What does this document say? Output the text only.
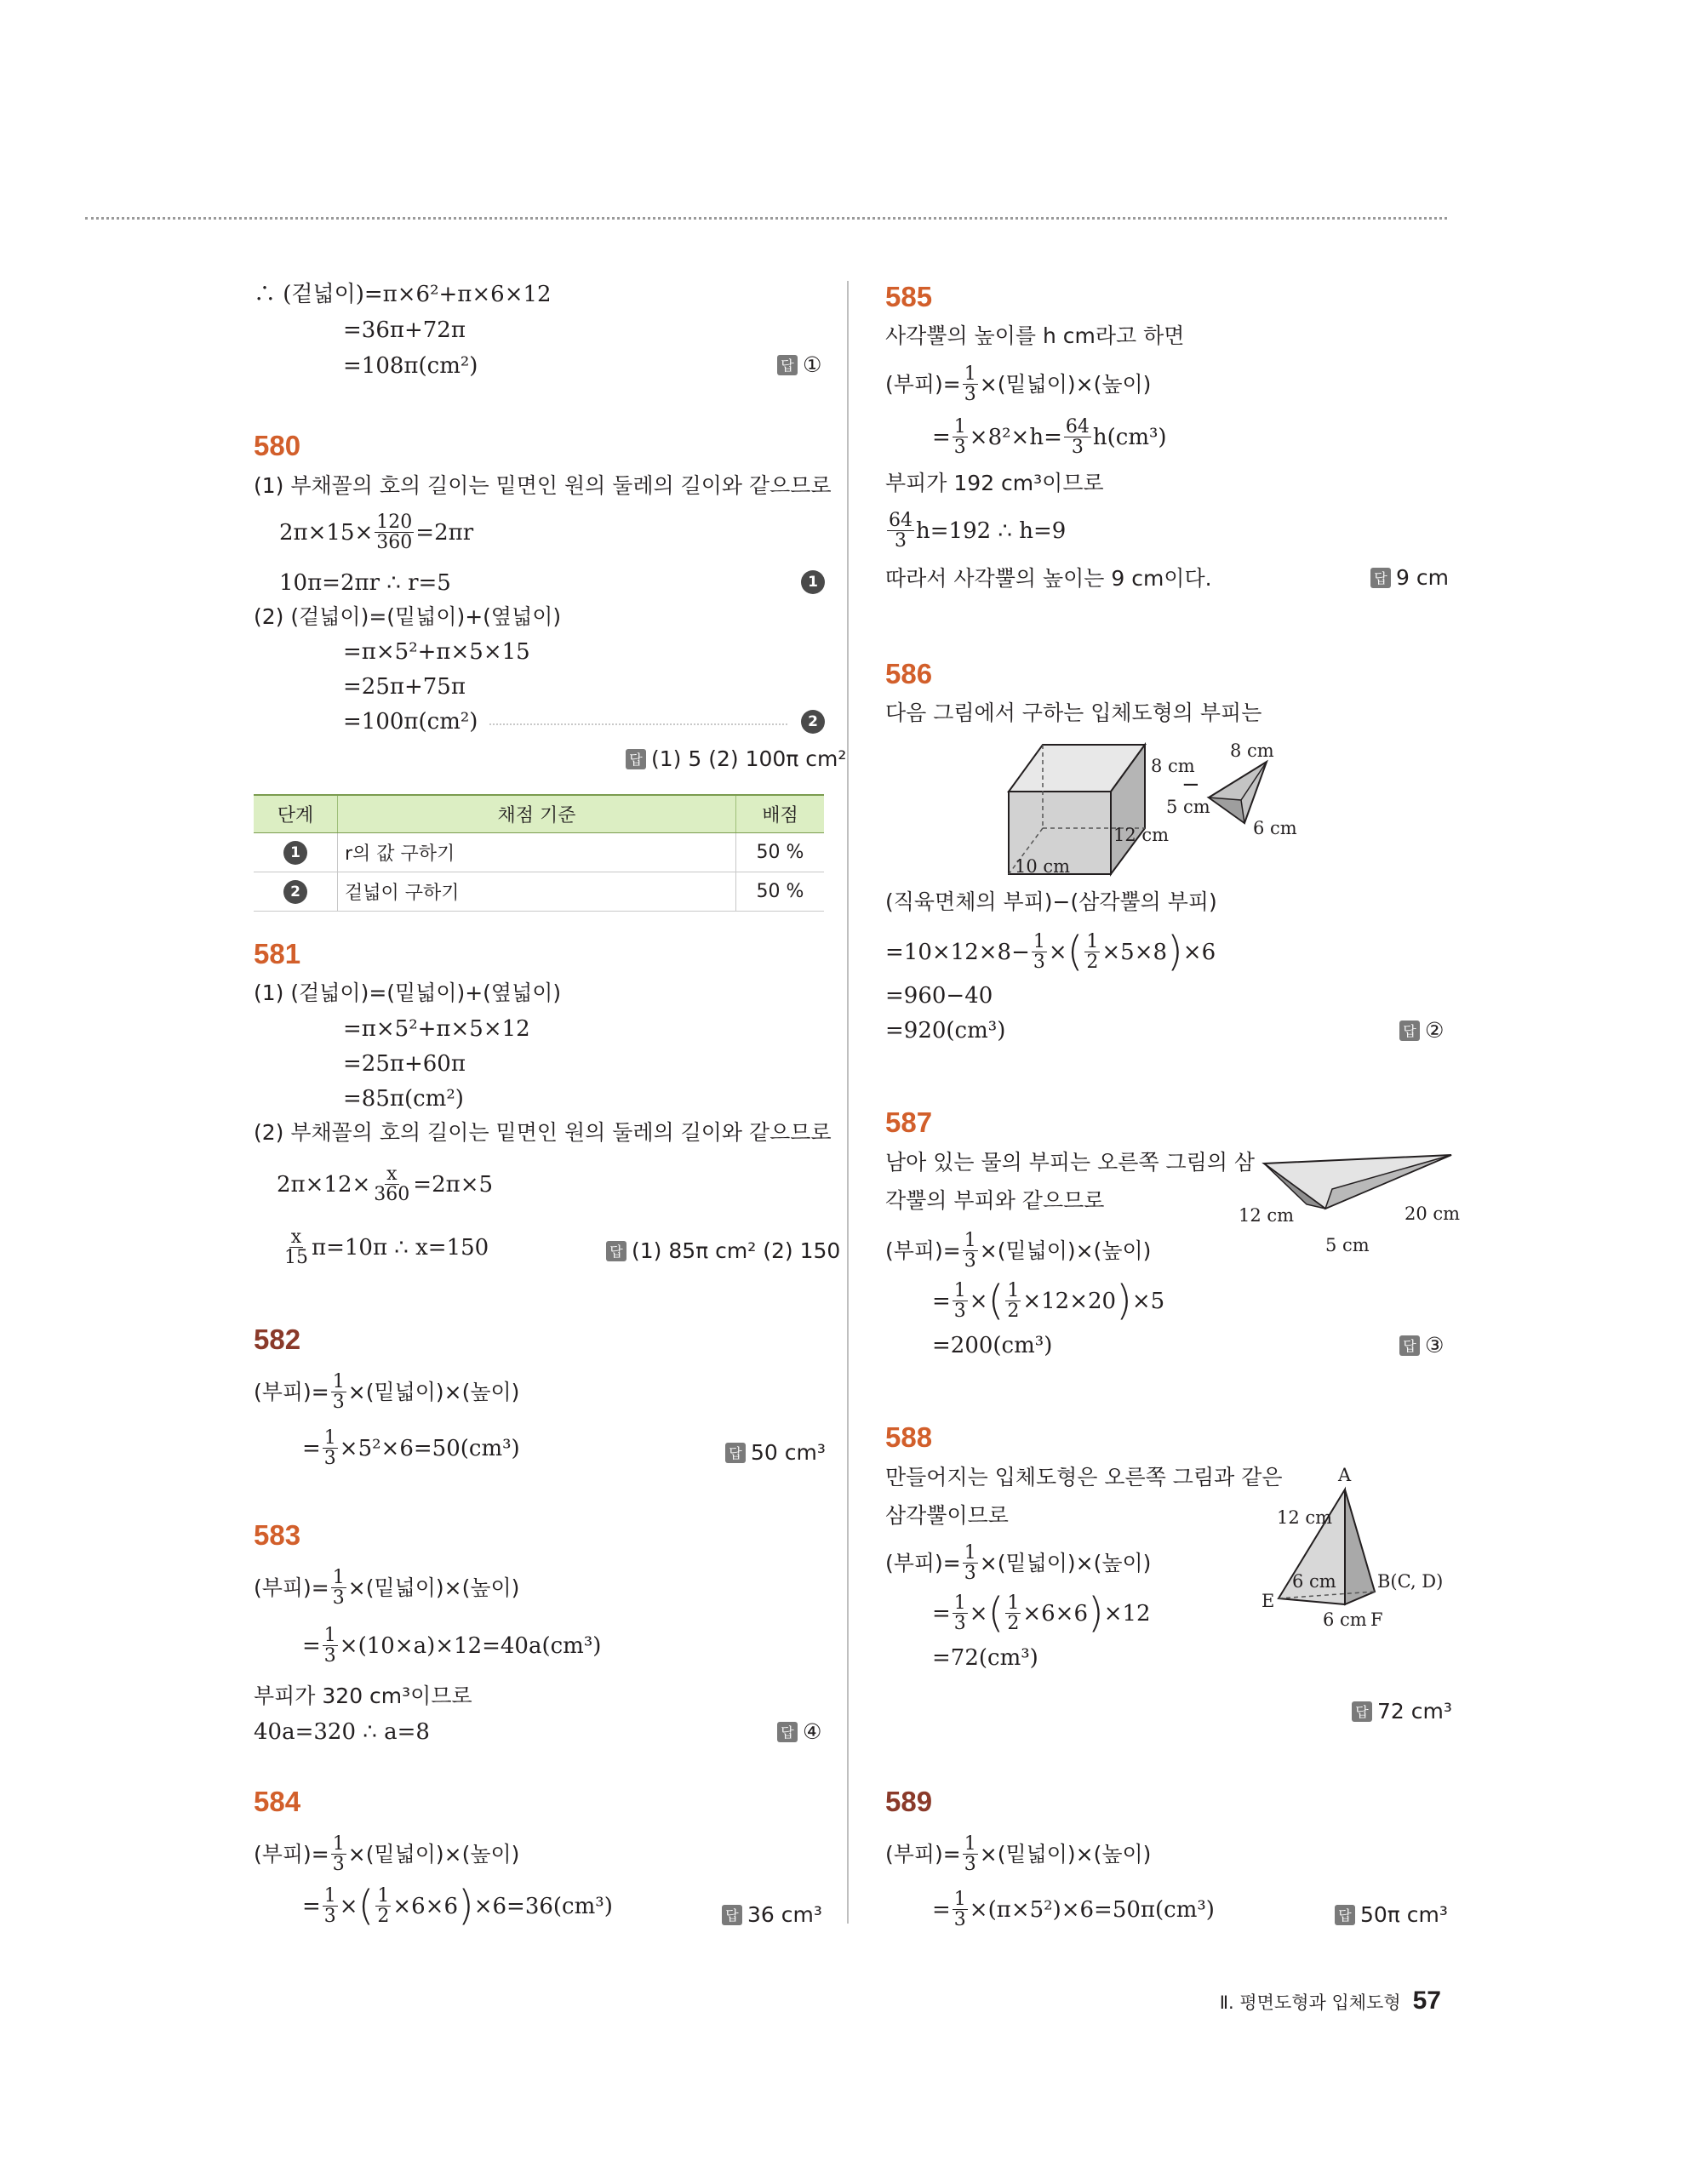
∴ (겉넓이)=π×6²+π×6×12
=36π+72π
=108π(cm²)	답 ①
580
(1) 부채꼴의 호의 길이는 밑면인 원의 둘레의 길이와 같으므로
$2\pi\times 15\times \frac{120}{360} =2\pi r$
10π=2πr ∴ r=5	1
(2) (겉넓이)=(밑넓이)+(옆넓이)
=π×5²+π×5×15
=25π+75π
=100π(cm²)	2
답 (1) 5 (2) 100π cm²
단계	채점 기준	배점
1	r의 값 구하기	50 %
2	겉넓이 구하기	50 %
581
(1) (겉넓이)=(밑넓이)+(옆넓이)
=π×5²+π×5×12
=25π+60π
=85π(cm²)
(2) 부채꼴의 호의 길이는 밑면인 원의 둘레의 길이와 같으므로
$2\pi\times 12\times \frac{x}{360} =2\pi\times 5$
$\frac{x}{15} \pi=10\pi$ ∴ x=150	답 (1) 85π cm² (2) 150
582
(부피)= $\frac{1}{3}$ ×(밑넓이)×(높이)
= $\frac{1}{3} \times 5^2\times 6=50(cm^3)$	답 50 cm³
583
(부피)= $\frac{1}{3}$ ×(밑넓이)×(높이)
= $\frac{1}{3} \times(10\times a)\times 12=40a(cm^3)$
부피가 320 cm³이므로
40a=320 ∴ a=8	답 ④
584
(부피)= $\frac{1}{3}$ ×(밑넓이)×(높이)
= $\frac{1}{3}$ × ( $\frac{1}{2} \times 6\times 6$ ) ×6=36(cm³)	답 36 cm³
585
사각뿔의 높이를 h cm라고 하면
(부피)= $\frac{1}{3}$ ×(밑넓이)×(높이)
= $\frac{1}{3} \times 8^2\times h= \frac{64}{3} h(cm^3)$
부피가 192 cm³이므로
$\frac{64}{3} h=192$ ∴ h=9
따라서 사각뿔의 높이는 9 cm이다.	답 9 cm
586
다음 그림에서 구하는 입체도형의 부피는
8 cm
12 cm
10 cm
−
8 cm
5 cm
6 cm
(직육면체의 부피)−(삼각뿔의 부피)
$=10\times 12\times 8- \frac{1}{3}$ × ( $\frac{1}{2} \times 5\times 8$ ) ×6
=960−40
=920(cm³)	답 ②
587
남아 있는 물의 부피는 오른쪽 그림의 삼
각뿔의 부피와 같으므로
12 cm	20 cm
5 cm
(부피)= $\frac{1}{3}$ ×(밑넓이)×(높이)
= $\frac{1}{3}$ × ( $\frac{1}{2} \times 12\times 20$ ) ×5
=200(cm³)	답 ③
588
만들어지는 입체도형은 오른쪽 그림과 같은
삼각뿔이므로
A
12 cm
6 cm B(C, D)
E
6 cm F
(부피)= $\frac{1}{3}$ ×(밑넓이)×(높이)
= $\frac{1}{3}$ × ( $\frac{1}{2} \times 6\times 6$ ) ×12
=72(cm³)
답 72 cm³
589
(부피)= $\frac{1}{3}$ ×(밑넓이)×(높이)
= $\frac{1}{3} \times(\pi\times 5^2)\times 6=50\pi(cm^3)$	답 50π cm³
Ⅱ. 평면도형과 입체도형 57
